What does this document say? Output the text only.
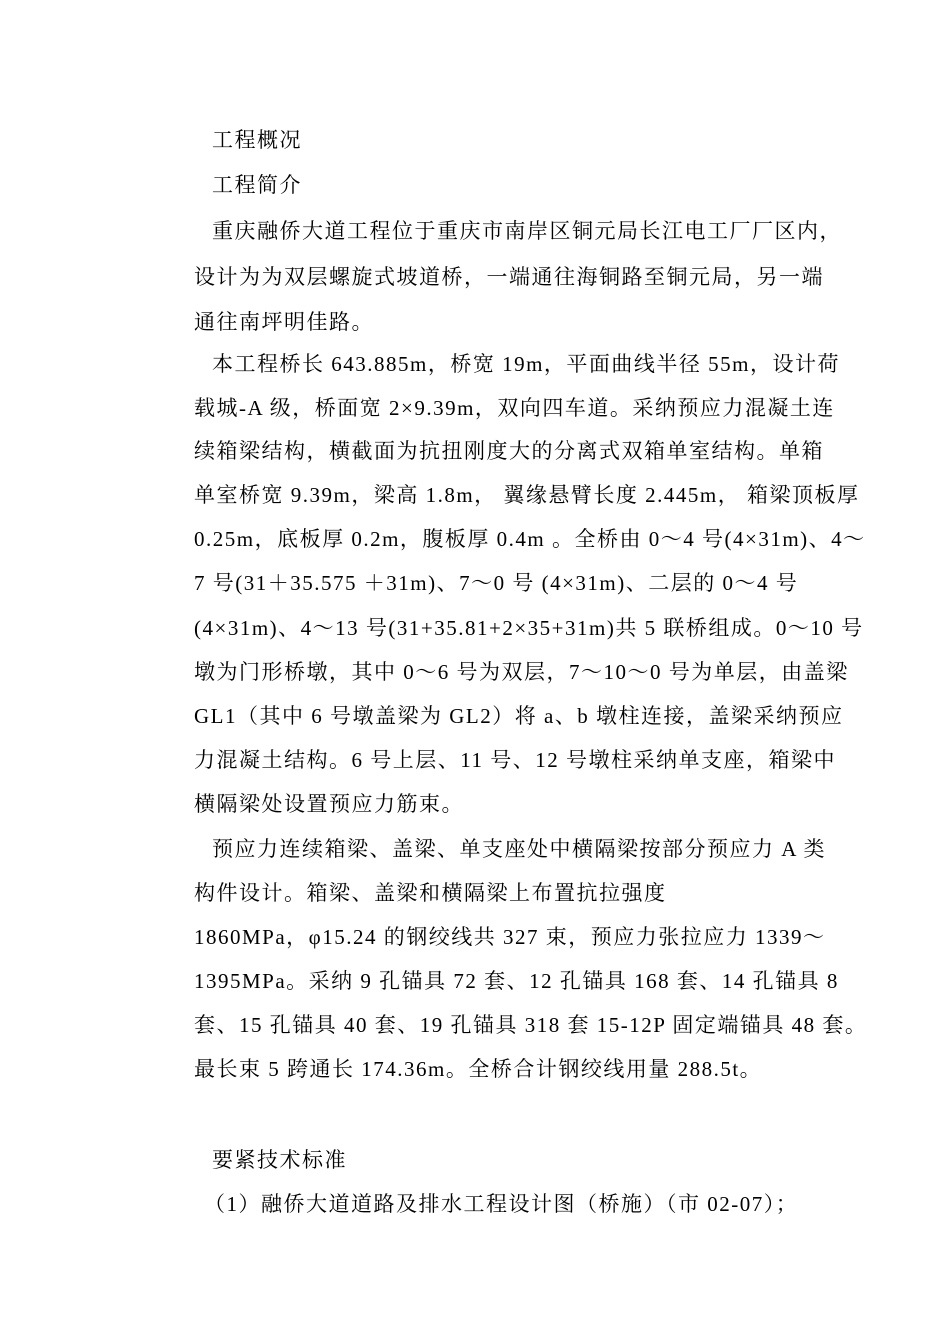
工程概况
工程简介
重庆融侨大道工程位于重庆市南岸区铜元局长江电工厂厂区内，
设计为为双层螺旋式坡道桥，一端通往海铜路至铜元局，另一端
通往南坪明佳路。
本工程桥长 643.885m，桥宽 19m，平面曲线半径 55m，设计荷
载城-A 级，桥面宽 2×9.39m，双向四车道。采纳预应力混凝土连
续箱梁结构，横截面为抗扭刚度大的分离式双箱单室结构。单箱
单室桥宽 9.39m，梁高 1.8m， 翼缘悬臂长度 2.445m， 箱梁顶板厚
0.25m，底板厚 0.2m，腹板厚 0.4m 。全桥由 0～4 号(4×31m)、4～
7 号(31＋35.575 ＋31m)、7～0 号 (4×31m)、二层的 0～4 号
(4×31m)、4～13 号(31+35.81+2×35+31m)共 5 联桥组成。0～10 号
墩为门形桥墩，其中 0～6 号为双层，7～10～0 号为单层，由盖梁
GL1（其中 6 号墩盖梁为 GL2）将 a、b 墩柱连接，盖梁采纳预应
力混凝土结构。6 号上层、11 号、12 号墩柱采纳单支座，箱梁中
横隔梁处设置预应力筋束。
预应力连续箱梁、盖梁、单支座处中横隔梁按部分预应力 A 类
构件设计。箱梁、盖梁和横隔梁上布置抗拉强度
1860MPa，φ15.24 的钢绞线共 327 束，预应力张拉应力 1339～
1395MPa。采纳 9 孔锚具 72 套、12 孔锚具 168 套、14 孔锚具 8
套、15 孔锚具 40 套、19 孔锚具 318 套 15-12P 固定端锚具 48 套。
最长束 5 跨通长 174.36m。全桥合计钢绞线用量 288.5t。
要紧技术标准
（1）融侨大道道路及排水工程设计图（桥施）（市 02-07）；
